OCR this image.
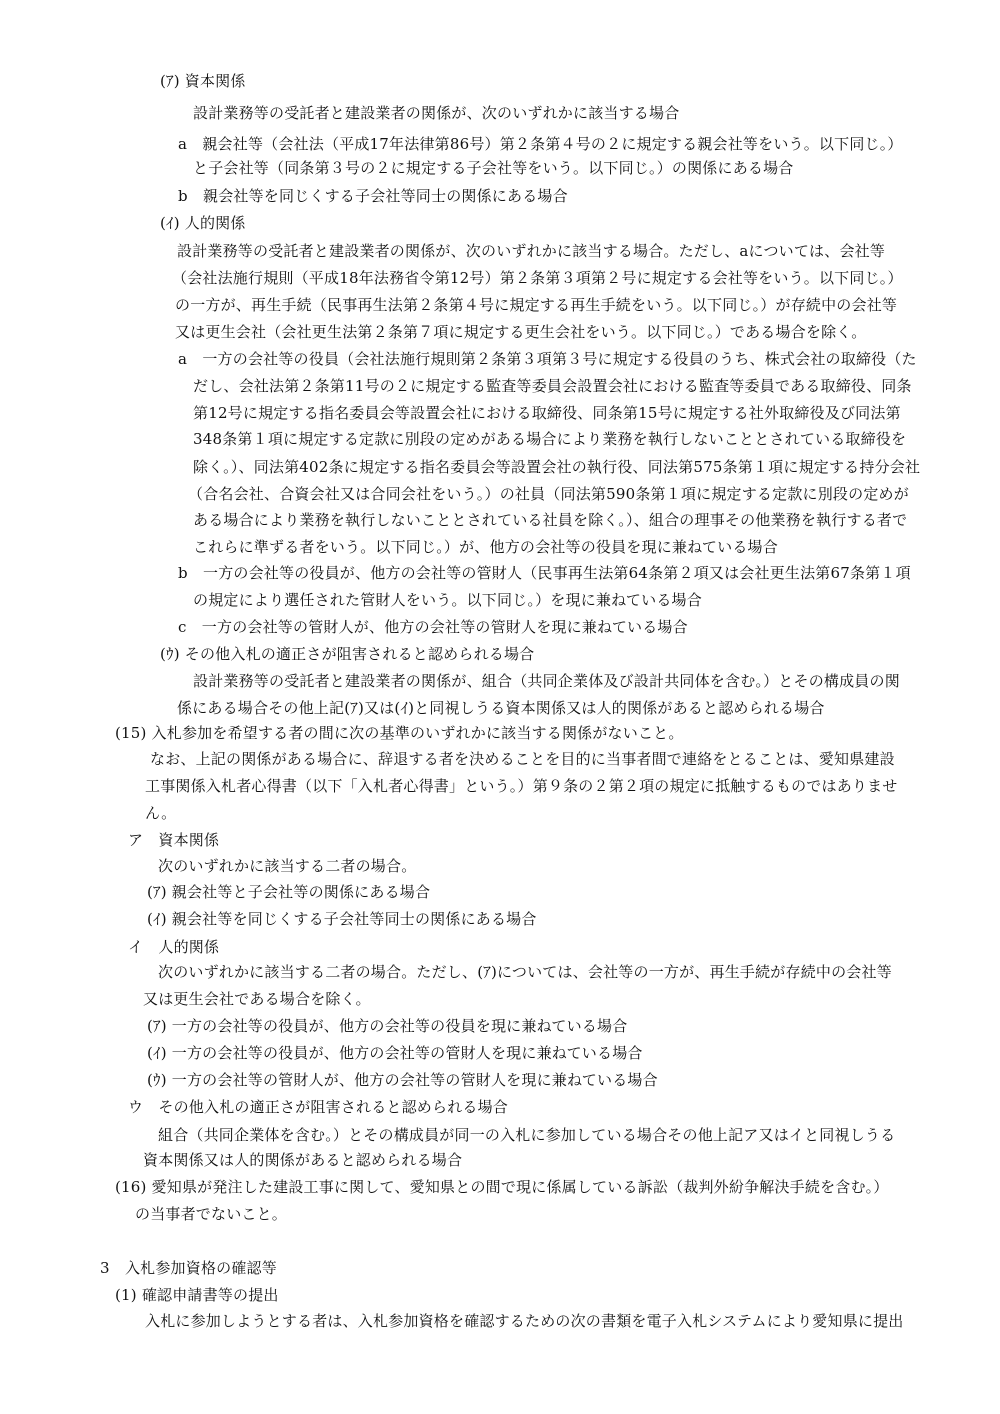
(ｱ) 資本関係
設計業務等の受託者と建設業者の関係が、次のいずれかに該当する場合
a　親会社等（会社法（平成17年法律第86号）第２条第４号の２に規定する親会社等をいう。以下同じ。）
と子会社等（同条第３号の２に規定する子会社等をいう。以下同じ。）の関係にある場合
b　親会社等を同じくする子会社等同士の関係にある場合
(ｲ) 人的関係
設計業務等の受託者と建設業者の関係が、次のいずれかに該当する場合。ただし、aについては、会社等
（会社法施行規則（平成18年法務省令第12号）第２条第３項第２号に規定する会社等をいう。以下同じ。）
の一方が、再生手続（民事再生法第２条第４号に規定する再生手続をいう。以下同じ。）が存続中の会社等
又は更生会社（会社更生法第２条第７項に規定する更生会社をいう。以下同じ。）である場合を除く。
a　一方の会社等の役員（会社法施行規則第２条第３項第３号に規定する役員のうち、株式会社の取締役（た
だし、会社法第２条第11号の２に規定する監査等委員会設置会社における監査等委員である取締役、同条
第12号に規定する指名委員会等設置会社における取締役、同条第15号に規定する社外取締役及び同法第
348条第１項に規定する定款に別段の定めがある場合により業務を執行しないこととされている取締役を
除く。）、同法第402条に規定する指名委員会等設置会社の執行役、同法第575条第１項に規定する持分会社
（合名会社、合資会社又は合同会社をいう。）の社員（同法第590条第１項に規定する定款に別段の定めが
ある場合により業務を執行しないこととされている社員を除く。）、組合の理事その他業務を執行する者で
これらに準ずる者をいう。以下同じ。）が、他方の会社等の役員を現に兼ねている場合
b　一方の会社等の役員が、他方の会社等の管財人（民事再生法第64条第２項又は会社更生法第67条第１項
の規定により選任された管財人をいう。以下同じ。）を現に兼ねている場合
c　一方の会社等の管財人が、他方の会社等の管財人を現に兼ねている場合
(ｳ) その他入札の適正さが阻害されると認められる場合
設計業務等の受託者と建設業者の関係が、組合（共同企業体及び設計共同体を含む。）とその構成員の関
係にある場合その他上記(ｱ)又は(ｲ)と同視しうる資本関係又は人的関係があると認められる場合
(15) 入札参加を希望する者の間に次の基準のいずれかに該当する関係がないこと。
なお、上記の関係がある場合に、辞退する者を決めることを目的に当事者間で連絡をとることは、愛知県建設
工事関係入札者心得書（以下「入札者心得書」という。）第９条の２第２項の規定に抵触するものではありませ
ん。
ア　資本関係
次のいずれかに該当する二者の場合。
(ｱ) 親会社等と子会社等の関係にある場合
(ｲ) 親会社等を同じくする子会社等同士の関係にある場合
イ　人的関係
次のいずれかに該当する二者の場合。ただし、(ｱ)については、会社等の一方が、再生手続が存続中の会社等
又は更生会社である場合を除く。
(ｱ) 一方の会社等の役員が、他方の会社等の役員を現に兼ねている場合
(ｲ) 一方の会社等の役員が、他方の会社等の管財人を現に兼ねている場合
(ｳ) 一方の会社等の管財人が、他方の会社等の管財人を現に兼ねている場合
ウ　その他入札の適正さが阻害されると認められる場合
組合（共同企業体を含む。）とその構成員が同一の入札に参加している場合その他上記ア又はイと同視しうる
資本関係又は人的関係があると認められる場合
(16) 愛知県が発注した建設工事に関して、愛知県との間で現に係属している訴訟（裁判外紛争解決手続を含む。）
の当事者でないこと。
3　入札参加資格の確認等
(1) 確認申請書等の提出
入札に参加しようとする者は、入札参加資格を確認するための次の書類を電子入札システムにより愛知県に提出
